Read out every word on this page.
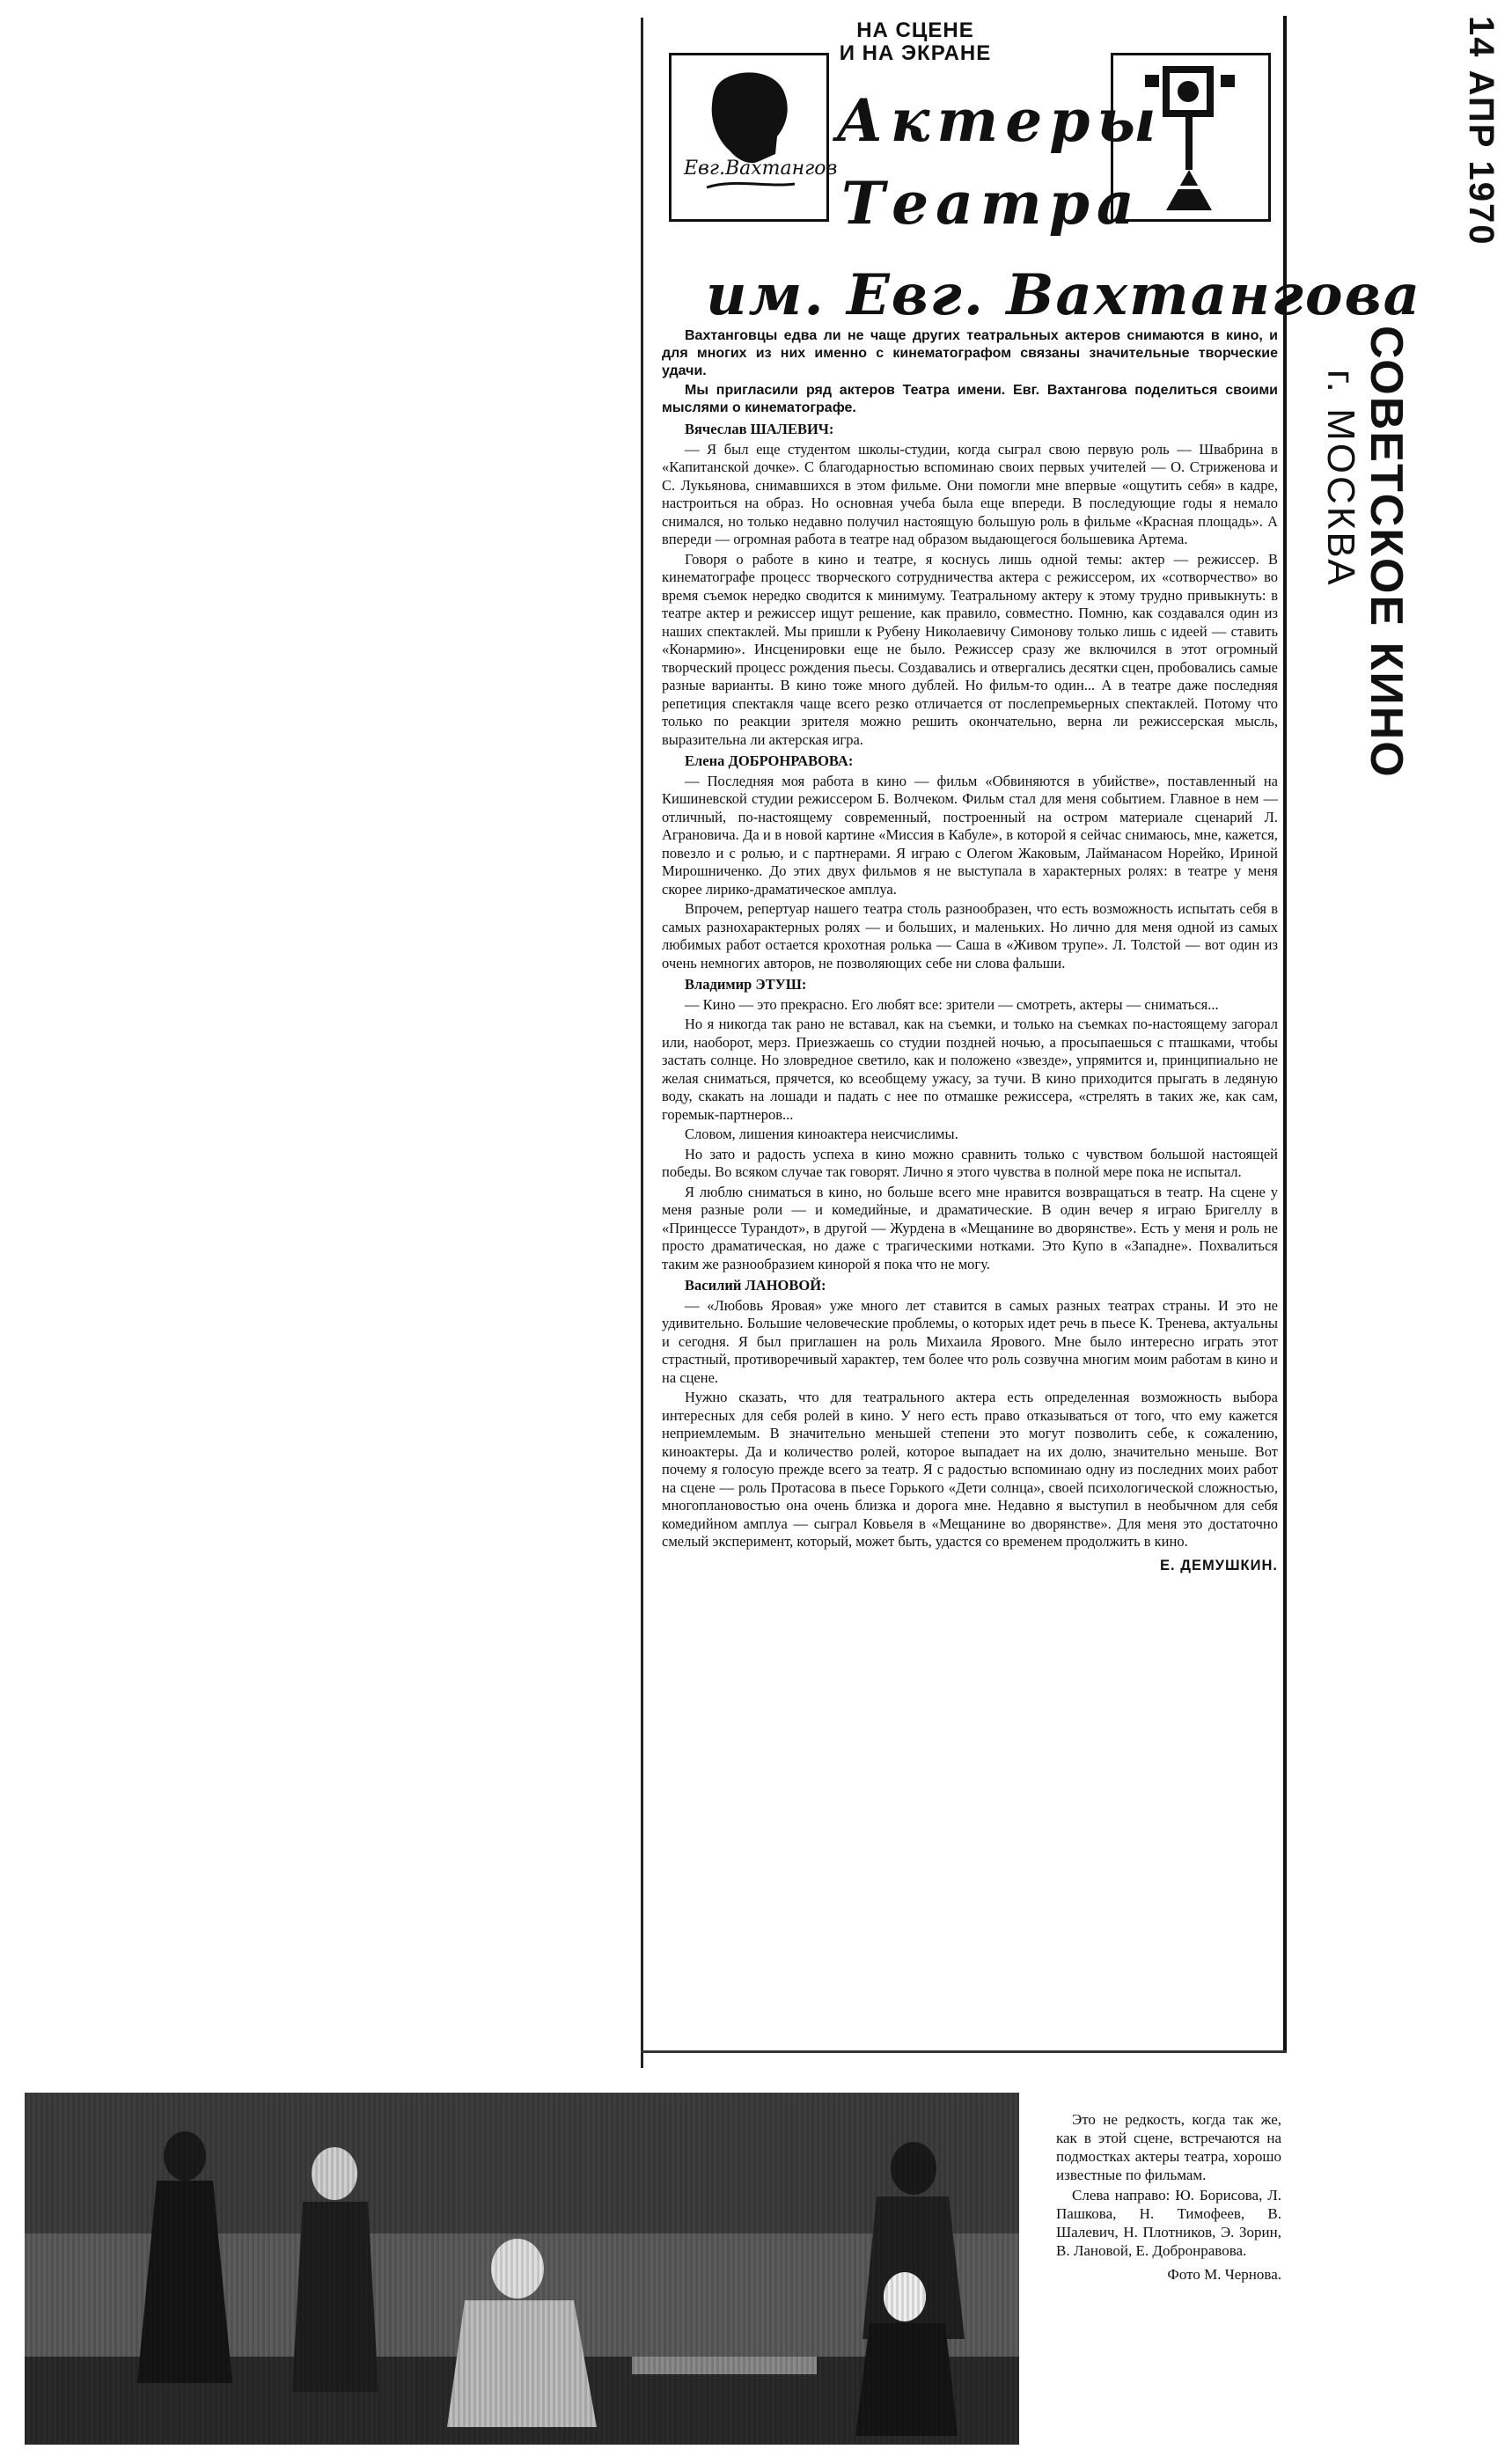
НА СЦЕНЕ
И НА ЭКРАНЕ
Евг.Вахтангов
Актеры
Театра
им. Евг. Вахтангова

Вахтанговцы едва ли не чаще других театральных актеров снимаются в кино, и для многих из них именно с кинематографом связаны значительные творческие удачи.

Мы пригласили ряд актеров Театра имени. Евг. Вахтангова поделиться своими мыслями о кинематографе.

Вячеслав ШАЛЕВИЧ:

— Я был еще студентом школы-студии, когда сыграл свою первую роль — Швабрина в «Капитанской дочке». С благодарностью вспоминаю своих первых учителей — О. Стриженова и С. Лукьянова, снимавшихся в этом фильме. Они помогли мне впервые «ощутить себя» в кадре, настроиться на образ. Но основная учеба была еще впереди. В последующие годы я немало снимался, но только недавно получил настоящую большую роль в фильме «Красная площадь». А впереди — огромная работа в театре над образом выдающегося большевика Артема.

Говоря о работе в кино и театре, я коснусь лишь одной темы: актер — режиссер. В кинематографе процесс творческого сотрудничества актера с режиссером, их «сотворчество» во время съемок нередко сводится к минимуму. Театральному актеру к этому трудно привыкнуть: в театре актер и режиссер ищут решение, как правило, совместно. Помню, как создавался один из наших спектаклей. Мы пришли к Рубену Николаевичу Симонову только лишь с идеей — ставить «Конармию». Инсценировки еще не было. Режиссер сразу же включился в этот огромный творческий процесс рождения пьесы. Создавались и отвергались десятки сцен, пробовались самые разные варианты. В кино тоже много дублей. Но фильм-то один... А в театре даже последняя репетиция спектакля чаще всего резко отличается от послепремьерных спектаклей. Потому что только по реакции зрителя можно решить окончательно, верна ли режиссерская мысль, выразительна ли актерская игра.

Елена ДОБРОНРАВОВА:

— Последняя моя работа в кино — фильм «Обвиняются в убийстве», поставленный на Кишиневской студии режиссером Б. Волчеком. Фильм стал для меня событием. Главное в нем — отличный, по-настоящему современный, построенный на остром материале сценарий Л. Аграновича. Да и в новой картине «Миссия в Кабуле», в которой я сейчас снимаюсь, мне, кажется, повезло и с ролью, и с партнерами. Я играю с Олегом Жаковым, Лайманасом Норейко, Ириной Мирошниченко. До этих двух фильмов я не выступала в характерных ролях: в театре у меня скорее лирико-драматическое амплуа.

Впрочем, репертуар нашего театра столь разнообразен, что есть возможность испытать себя в самых разнохарактерных ролях — и больших, и маленьких. Но лично для меня одной из самых любимых работ остается крохотная ролька — Саша в «Живом трупе». Л. Толстой — вот один из очень немногих авторов, не позволяющих себе ни слова фальши.

Владимир ЭТУШ:

— Кино — это прекрасно. Его любят все: зрители — смотреть, актеры — сниматься...

Но я никогда так рано не вставал, как на съемки, и только на съемках по-настоящему загорал или, наоборот, мерз. Приезжаешь со студии поздней ночью, а просыпаешься с пташками, чтобы застать солнце. Но зловредное светило, как и положено «звезде», упрямится и, принципиально не желая сниматься, прячется, ко всеобщему ужасу, за тучи. В кино приходится прыгать в ледяную воду, скакать на лошади и падать с нее по отмашке режиссера, «стрелять в таких же, как сам, горемык-партнеров...

Словом, лишения киноактера неисчислимы.

Но зато и радость успеха в кино можно сравнить только с чувством большой настоящей победы. Во всяком случае так говорят. Лично я этого чувства в полной мере пока не испытал.

Я люблю сниматься в кино, но больше всего мне нравится возвращаться в театр. На сцене у меня разные роли — и комедийные, и драматические. В один вечер я играю Бригеллу в «Принцессе Турандот», в другой — Журдена в «Мещанине во дворянстве». Есть у меня и роль не просто драматическая, но даже с трагическими нотками. Это Купо в «Западне». Похвалиться таким же разнообразием кинорой я пока что не могу.

Василий ЛАНОВОЙ:

— «Любовь Яровая» уже много лет ставится в самых разных театрах страны. И это не удивительно. Большие человеческие проблемы, о которых идет речь в пьесе К. Тренева, актуальны и сегодня. Я был приглашен на роль Михаила Ярового. Мне было интересно играть этот страстный, противоречивый характер, тем более что роль созвучна многим моим работам в кино и на сцене.

Нужно сказать, что для театрального актера есть определенная возможность выбора интересных для себя ролей в кино. У него есть право отказываться от того, что ему кажется неприемлемым. В значительно меньшей степени это могут позволить себе, к сожалению, киноактеры. Да и количество ролей, которое выпадает на их долю, значительно меньше. Вот почему я голосую прежде всего за театр. Я с радостью вспоминаю одну из последних моих работ на сцене — роль Протасова в пьесе Горького «Дети солнца», своей психологической сложностью, многоплановостью она очень близка и дорога мне. Недавно я выступил в необычном для себя комедийном амплуа — сыграл Ковьеля в «Мещанине во дворянстве». Для меня это достаточно смелый эксперимент, который, может быть, удастся со временем продолжить в кино.

Е. ДЕМУШКИН.

14 АПР 1970
СОВЕТСКОЕ КИНО
г. МОСКВА

Это не редкость, когда так же, как в этой сцене, встречаются на подмостках актеры театра, хорошо известные по фильмам.

Слева направо: Ю. Борисова, Л. Пашкова, Н. Тимофеев, В. Шалевич, Н. Плотников, Э. Зорин, В. Лановой, Е. Добронравова.

Фото М. Чернова.
